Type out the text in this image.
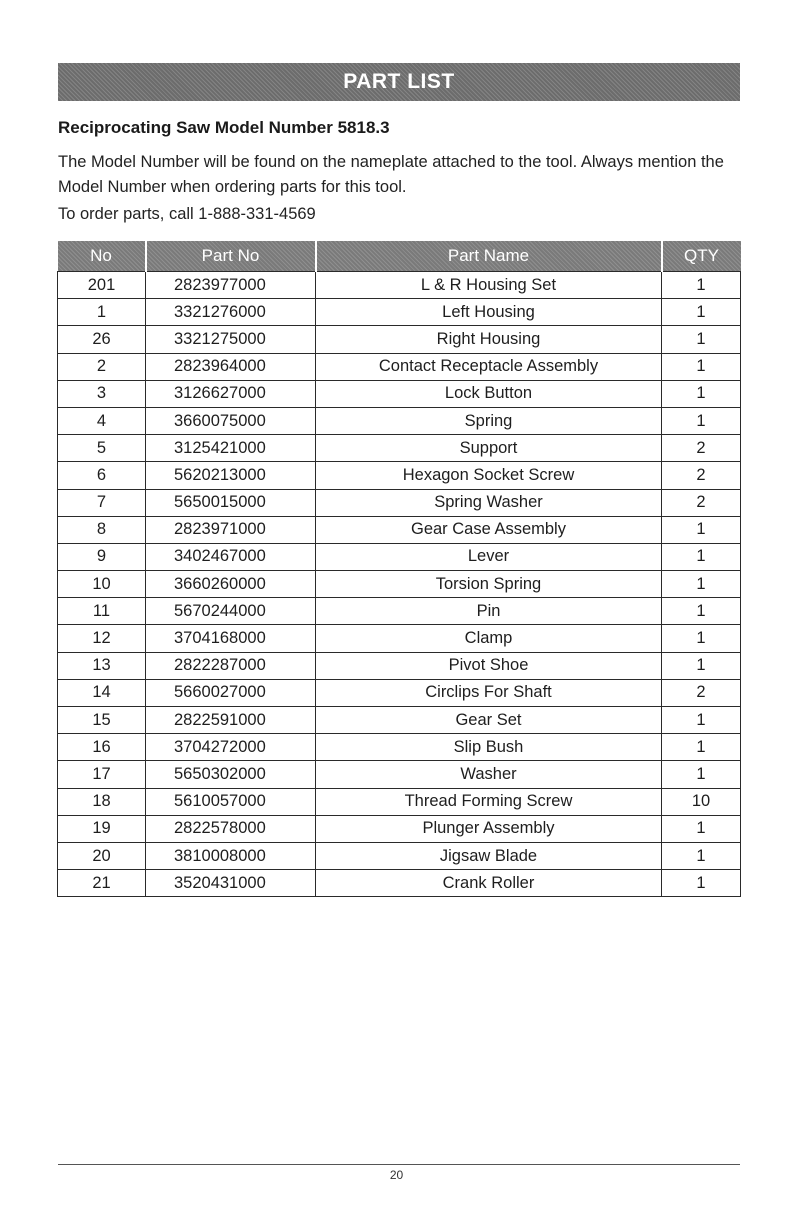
PART LIST
Reciprocating Saw Model Number 5818.3
The Model Number will be found on the nameplate attached to the tool. Always mention the Model Number when ordering parts for this tool.
To order parts, call 1-888-331-4569
No	Part No	Part Name	QTY
201	2823977000	L & R Housing Set	1
1	3321276000	Left Housing	1
26	3321275000	Right Housing	1
2	2823964000	Contact Receptacle Assembly	1
3	3126627000	Lock Button	1
4	3660075000	Spring	1
5	3125421000	Support	2
6	5620213000	Hexagon Socket Screw	2
7	5650015000	Spring Washer	2
8	2823971000	Gear Case Assembly	1
9	3402467000	Lever	1
10	3660260000	Torsion Spring	1
11	5670244000	Pin	1
12	3704168000	Clamp	1
13	2822287000	Pivot Shoe	1
14	5660027000	Circlips For Shaft	2
15	2822591000	Gear Set	1
16	3704272000	Slip Bush	1
17	5650302000	Washer	1
18	5610057000	Thread Forming Screw	10
19	2822578000	Plunger Assembly	1
20	3810008000	Jigsaw Blade	1
21	3520431000	Crank Roller	1
20
